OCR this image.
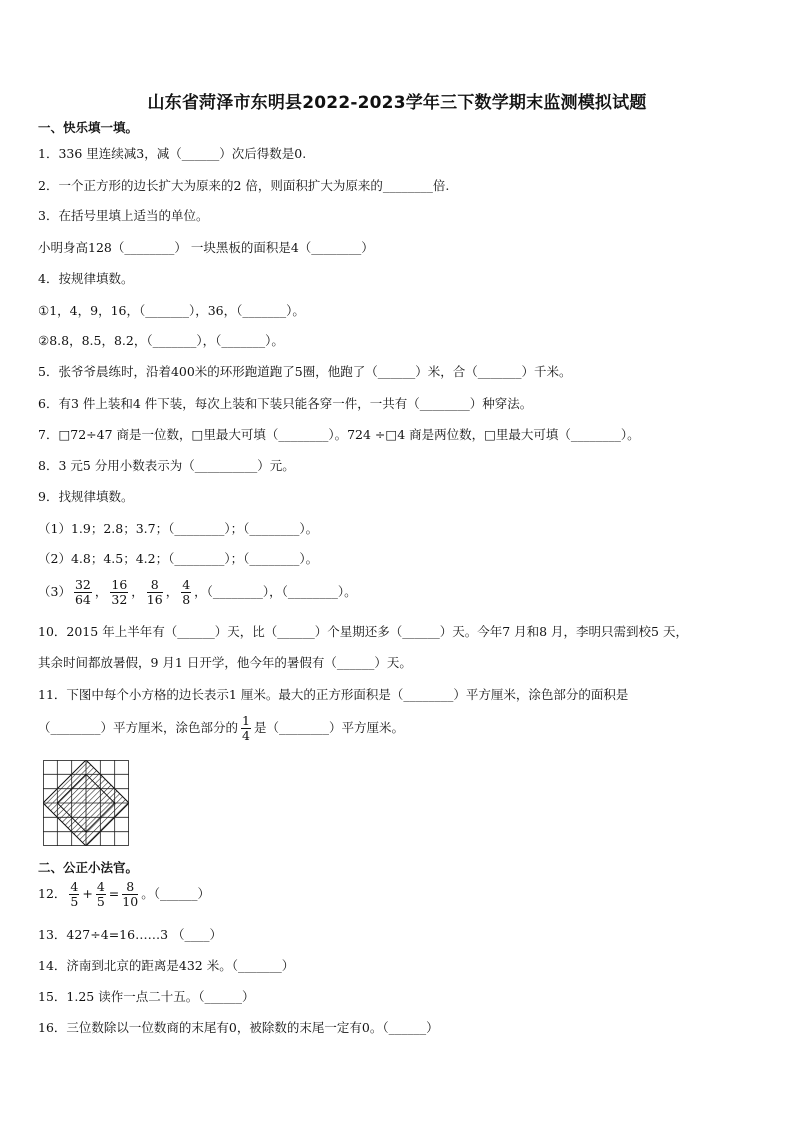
山东省菏泽市东明县2022-2023学年三下数学期末监测模拟试题
一、快乐填一填。
1．336 里连续减3，减（______）次后得数是0.
2．一个正方形的边长扩大为原来的2 倍，则面积扩大为原来的________倍.
3．在括号里填上适当的单位。
小明身高128（________） 一块黑板的面积是4（________）
4．按规律填数。
①1，4，9，16，（_______），36，（_______）。
②8.8，8.5，8.2，（_______），（_______）。
5．张爷爷晨练时，沿着400米的环形跑道跑了5圈，他跑了（______）米，合（_______）千米。
6．有3 件上装和4 件下装，每次上装和下装只能各穿一件，一共有（________）种穿法。
7．□72÷47 商是一位数，□里最大可填（________）。724 ÷□4 商是两位数，□里最大可填（________）。
8．3 元5 分用小数表示为（__________）元。
9．找规律填数。
（1）1.9；2.8；3.7；（________）；（________）。
（2）4.8；4.5；4.2；（________）；（________）。
$(3) \frac{32}{64}$ ， $\frac{16}{32}$ ， $\frac{8}{16}$ ， $\frac{4}{8}$ ，（________），（________）。
10．2015 年上半年有（______）天，比（______）个星期还多（______）天。今年7 月和8 月，李明只需到校5 天，
其余时间都放暑假，9 月1 日开学，他今年的暑假有（______）天。
11．下图中每个小方格的边长表示1 厘米。最大的正方形面积是（________）平方厘米，涂色部分的面积是
（________）平方厘米，涂色部分的 $\frac{1}{4}$ 是（________）平方厘米。
二、公正小法官。
12． $\frac{4}{5} + \frac{4}{5} = \frac{8}{10}$ 。（______）
13．427÷4=16……3 （____）
14．济南到北京的距离是432 米。（_______）
15．1.25 读作一点二十五。（______）
16．三位数除以一位数商的末尾有0，被除数的末尾一定有0。（______）
